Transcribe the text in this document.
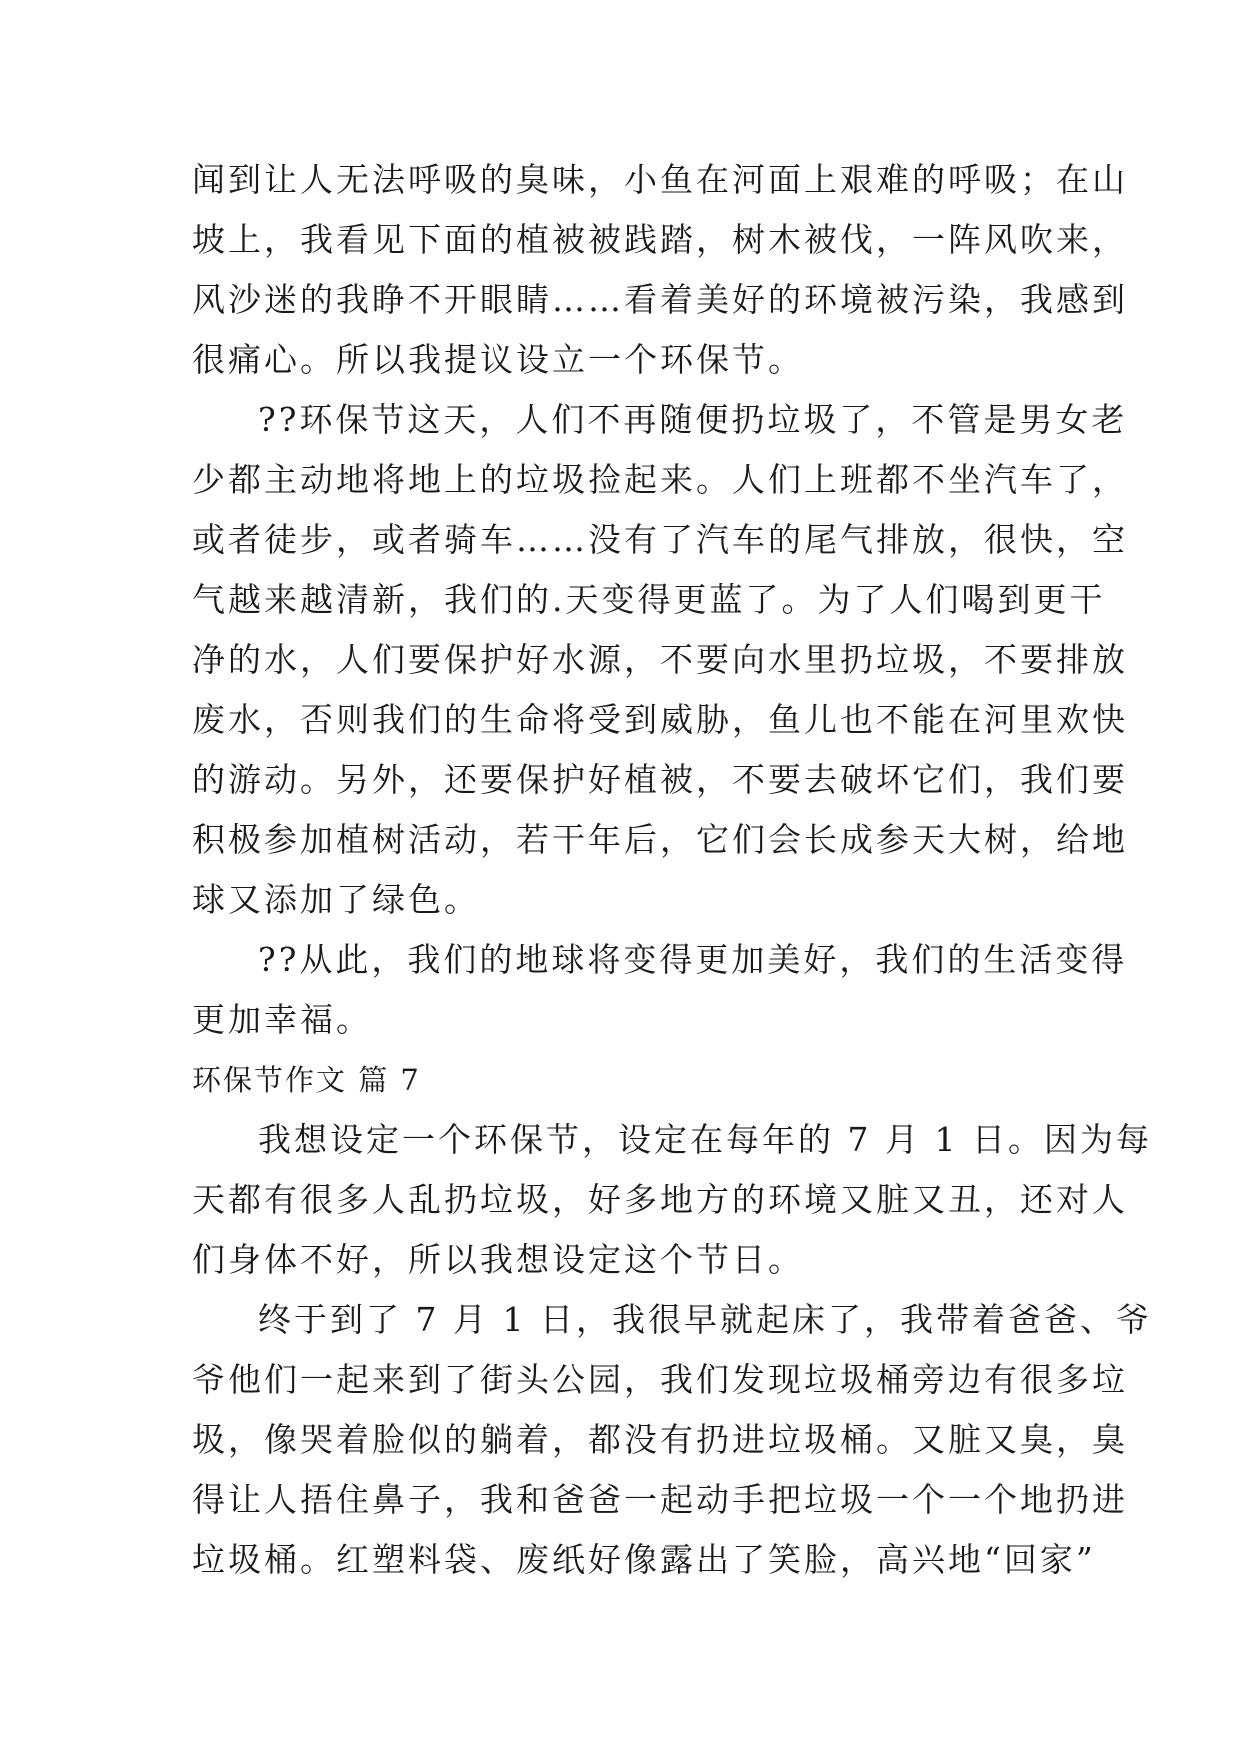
闻到让人无法呼吸的臭味，小鱼在河面上艰难的呼吸；在山
坡上，我看见下面的植被被践踏，树木被伐，一阵风吹来，
风沙迷的我睁不开眼睛……看着美好的环境被污染，我感到
很痛心。所以我提议设立一个环保节。
??环保节这天，人们不再随便扔垃圾了，不管是男女老
少都主动地将地上的垃圾捡起来。人们上班都不坐汽车了，
或者徒步，或者骑车……没有了汽车的尾气排放，很快，空
气越来越清新，我们的.天变得更蓝了。为了人们喝到更干
净的水，人们要保护好水源，不要向水里扔垃圾，不要排放
废水，否则我们的生命将受到威胁，鱼儿也不能在河里欢快
的游动。另外，还要保护好植被，不要去破坏它们，我们要
积极参加植树活动，若干年后，它们会长成参天大树，给地
球又添加了绿色。
??从此，我们的地球将变得更加美好，我们的生活变得
更加幸福。
环保节作文 篇 7
我想设定一个环保节，设定在每年的 7 月 1 日。因为每
天都有很多人乱扔垃圾，好多地方的环境又脏又丑，还对人
们身体不好，所以我想设定这个节日。
终于到了 7 月 1 日，我很早就起床了，我带着爸爸、爷
爷他们一起来到了街头公园，我们发现垃圾桶旁边有很多垃
圾，像哭着脸似的躺着，都没有扔进垃圾桶。又脏又臭，臭
得让人捂住鼻子，我和爸爸一起动手把垃圾一个一个地扔进
垃圾桶。红塑料袋、废纸好像露出了笑脸，高兴地“回家”
